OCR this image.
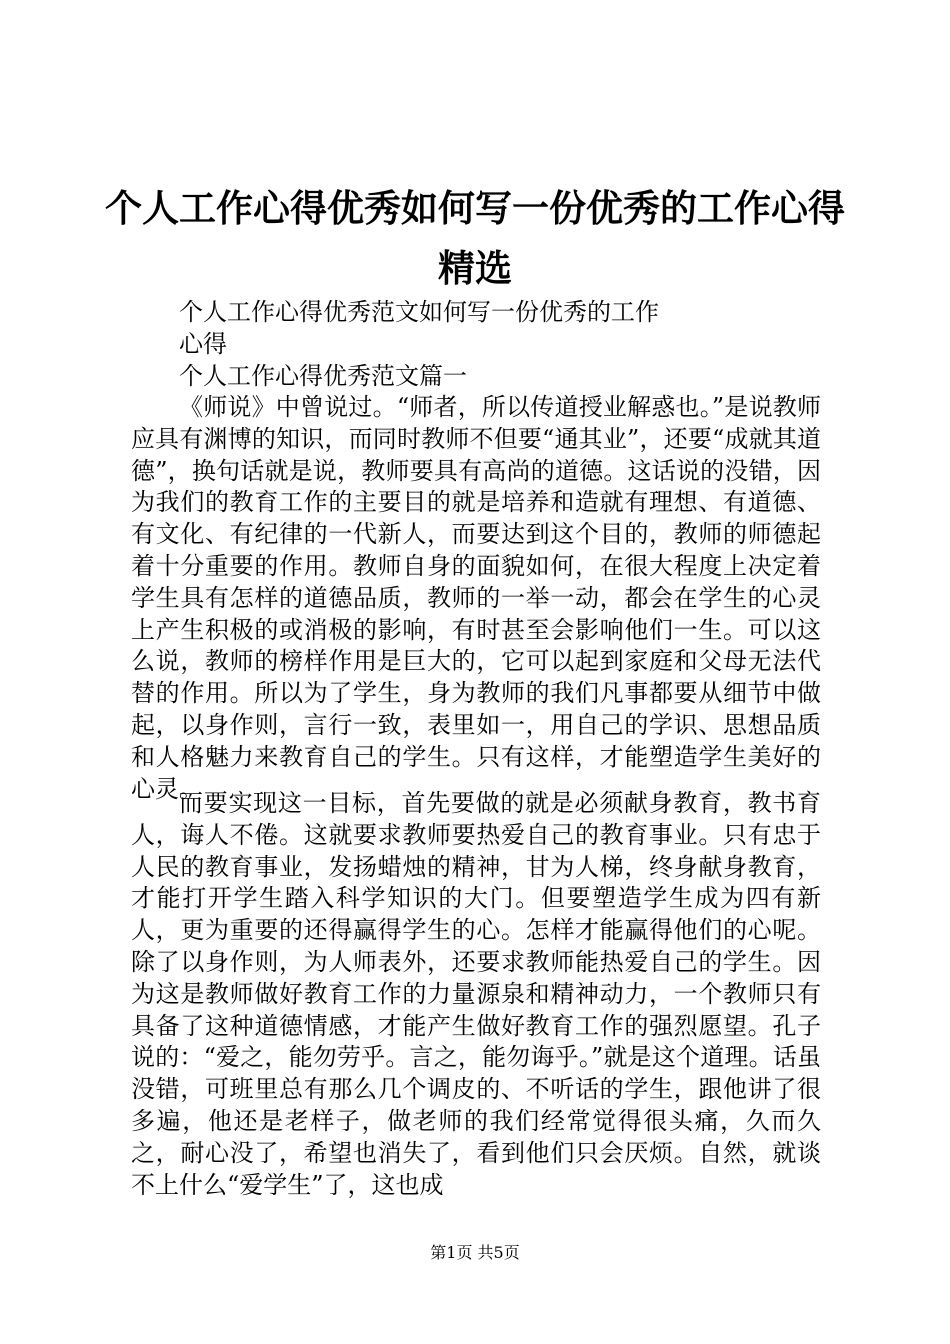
个人工作心得优秀如何写一份优秀的工作心得
精选

个人工作心得优秀范文如何写一份优秀的工作

心得

个人工作心得优秀范文篇一

《师说》中曾说过。“师者，所以传道授业解惑也。”是说教师应具有渊博的知识，而同时教师不但要“通其业”，还要“成就其道德”，换句话就是说，教师要具有高尚的道德。这话说的没错，因为我们的教育工作的主要目的就是培养和造就有理想、有道德、有文化、有纪律的一代新人，而要达到这个目的，教师的师德起着十分重要的作用。教师自身的面貌如何，在很大程度上决定着学生具有怎样的道德品质，教师的一举一动，都会在学生的心灵上产生积极的或消极的影响，有时甚至会影响他们一生。可以这么说，教师的榜样作用是巨大的，它可以起到家庭和父母无法代替的作用。所以为了学生，身为教师的我们凡事都要从细节中做起，以身作则，言行一致，表里如一，用自己的学识、思想品质和人格魅力来教育自己的学生。只有这样，才能塑造学生美好的心灵。

而要实现这一目标，首先要做的就是必须献身教育，教书育人，诲人不倦。这就要求教师要热爱自己的教育事业。只有忠于人民的教育事业，发扬蜡烛的精神，甘为人梯，终身献身教育，才能打开学生踏入科学知识的大门。但要塑造学生成为四有新人，更为重要的还得赢得学生的心。怎样才能赢得他们的心呢。除了以身作则，为人师表外，还要求教师能热爱自己的学生。因为这是教师做好教育工作的力量源泉和精神动力，一个教师只有具备了这种道德情感，才能产生做好教育工作的强烈愿望。孔子说的：“爱之，能勿劳乎。言之，能勿诲乎。”就是这个道理。话虽没错，可班里总有那么几个调皮的、不听话的学生，跟他讲了很多遍，他还是老样子，做老师的我们经常觉得很头痛，久而久之，耐心没了，希望也消失了，看到他们只会厌烦。自然，就谈不上什么“爱学生”了，这也成

第1页 共5页
